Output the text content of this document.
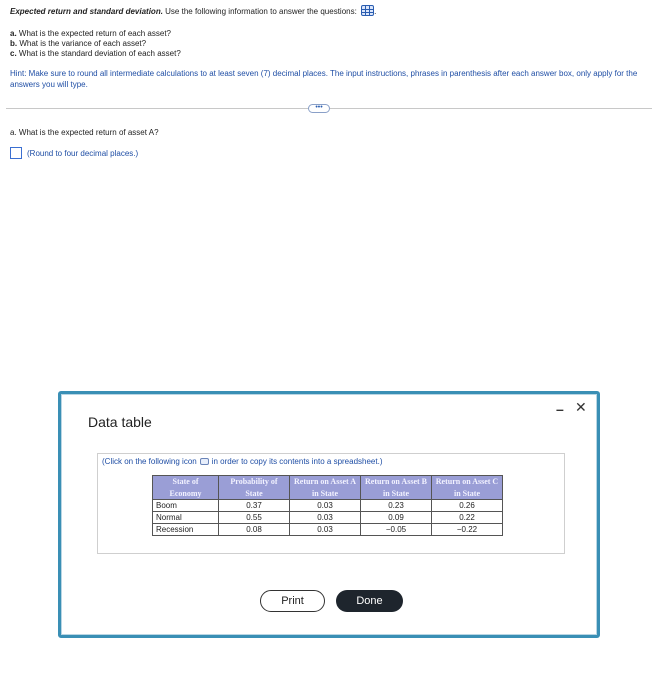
Expected return and standard deviation. Use the following information to answer the questions: .
a. What is the expected return of each asset?
b. What is the variance of each asset?
c. What is the standard deviation of each asset?
Hint: Make sure to round all intermediate calculations to at least seven (7) decimal places. The input instructions, phrases in parenthesis after each answer box, only apply for the answers you will type.
•••
a. What is the expected return of asset A?
(Round to four decimal places.)
Data table
– ✕
(Click on the following icon in order to copy its contents into a spreadsheet.)
State of Economy	Probability of State	Return on Asset A in State	Return on Asset B in State	Return on Asset C in State
Boom	0.37	0.03	0.23	0.26
Normal	0.55	0.03	0.09	0.22
Recession	0.08	0.03	−0.05	−0.22
Print	Done
